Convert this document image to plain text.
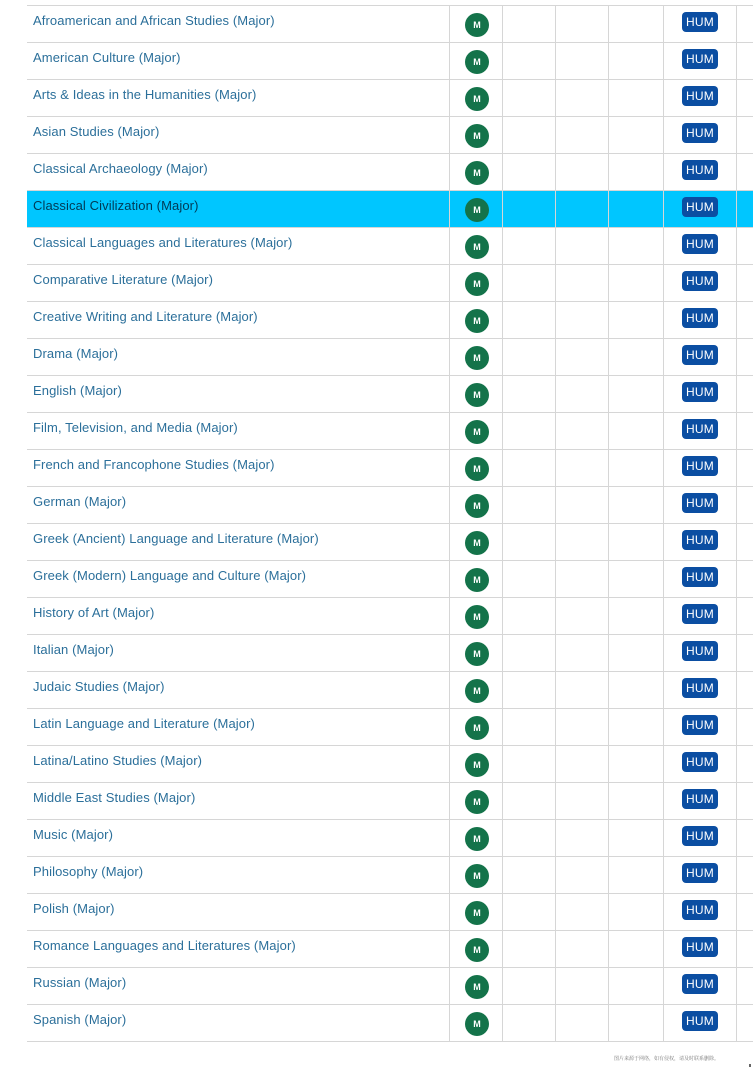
Afroamerican and African Studies (Major)	M	HUM
American Culture (Major)	M	HUM
Arts & Ideas in the Humanities (Major)	M	HUM
Asian Studies (Major)	M	HUM
Classical Archaeology (Major)	M	HUM
Classical Civilization (Major)	M	HUM
Classical Languages and Literatures (Major)	M	HUM
Comparative Literature (Major)	M	HUM
Creative Writing and Literature (Major)	M	HUM
Drama (Major)	M	HUM
English (Major)	M	HUM
Film, Television, and Media (Major)	M	HUM
French and Francophone Studies (Major)	M	HUM
German (Major)	M	HUM
Greek (Ancient) Language and Literature (Major)	M	HUM
Greek (Modern) Language and Culture (Major)	M	HUM
History of Art (Major)	M	HUM
Italian (Major)	M	HUM
Judaic Studies (Major)	M	HUM
Latin Language and Literature (Major)	M	HUM
Latina/Latino Studies (Major)	M	HUM
Middle East Studies (Major)	M	HUM
Music (Major)	M	HUM
Philosophy (Major)	M	HUM
Polish (Major)	M	HUM
Romance Languages and Literatures (Major)	M	HUM
Russian (Major)	M	HUM
Spanish (Major)	M	HUM
图片来源于网络，如有侵权，请及时联系删除。
